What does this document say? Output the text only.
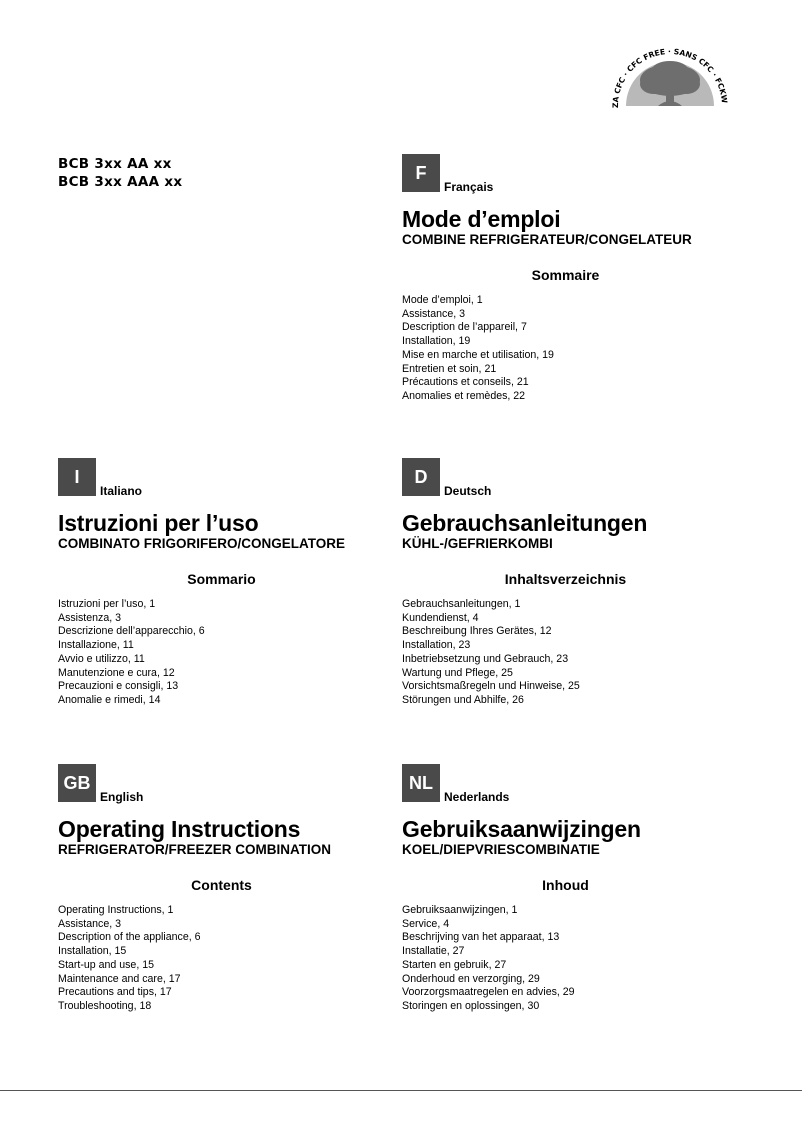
BCB 3xx AA xx
BCB 3xx AAA xx
ZA CFC · CFC FREE · SANS CFC · FCKW
F
Français
Mode d’emploi
COMBINE REFRIGERATEUR/CONGELATEUR
Sommaire
Mode d’emploi, 1
Assistance, 3
Description de l’appareil, 7
Installation, 19
Mise en marche et utilisation, 19
Entretien et soin, 21
Précautions et conseils, 21
Anomalies et remèdes, 22
I
Italiano
Istruzioni per l’uso
COMBINATO FRIGORIFERO/CONGELATORE
Sommario
Istruzioni per l’uso, 1
Assistenza, 3
Descrizione dell’apparecchio, 6
Installazione, 11
Avvio e utilizzo, 11
Manutenzione e cura, 12
Precauzioni e consigli, 13
Anomalie e rimedi, 14
D
Deutsch
Gebrauchsanleitungen
KÜHL-/GEFRIERKOMBI
Inhaltsverzeichnis
Gebrauchsanleitungen, 1
Kundendienst, 4
Beschreibung Ihres Gerätes, 12
Installation, 23
Inbetriebsetzung und Gebrauch, 23
Wartung und Pflege, 25
Vorsichtsmaßregeln und Hinweise, 25
Störungen und Abhilfe, 26
GB
English
Operating Instructions
REFRIGERATOR/FREEZER COMBINATION
Contents
Operating Instructions, 1
Assistance, 3
Description of the appliance, 6
Installation, 15
Start-up and use, 15
Maintenance and care, 17
Precautions and tips, 17
Troubleshooting, 18
NL
Nederlands
Gebruiksaanwijzingen
KOEL/DIEPVRIESCOMBINATIE
Inhoud
Gebruiksaanwijzingen, 1
Service, 4
Beschrijving van het apparaat, 13
Installatie, 27
Starten en gebruik, 27
Onderhoud en verzorging, 29
Voorzorgsmaatregelen en advies, 29
Storingen en oplossingen, 30
